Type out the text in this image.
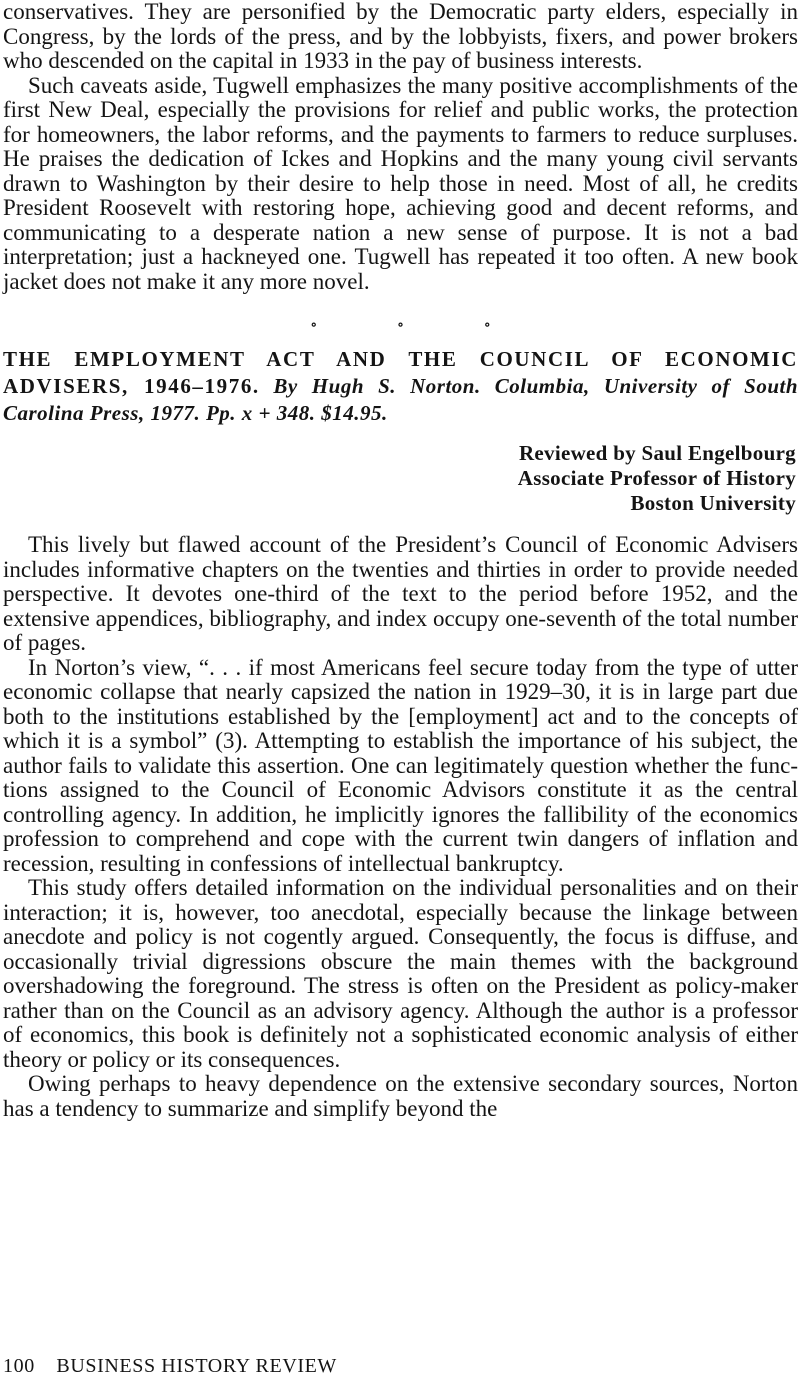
conservatives. They are personified by the Democratic party elders, especially in Congress, by the lords of the press, and by the lobbyists, fixers, and power brokers who descended on the capital in 1933 in the pay of business interests.

Such caveats aside, Tugwell emphasizes the many positive accomplishments of the first New Deal, especially the provisions for relief and public works, the protection for homeowners, the labor reforms, and the payments to farmers to reduce surpluses. He praises the dedication of Ickes and Hopkins and the many young civil servants drawn to Washington by their desire to help those in need. Most of all, he credits President Roosevelt with restoring hope, achieving good and decent reforms, and communicating to a desperate nation a new sense of purpose. It is not a bad interpretation; just a hackneyed one. Tugwell has repeated it too often. A new book jacket does not make it any more novel.

∘	∘	∘

THE EMPLOYMENT ACT AND THE COUNCIL OF ECONOMIC ADVISERS, 1946–1976. By Hugh S. Norton. Columbia, University of South Carolina Press, 1977. Pp. x + 348. $14.95.

Reviewed by Saul Engelbourg
Associate Professor of History
Boston University

This lively but flawed account of the President’s Council of Economic Advisers includes informative chapters on the twenties and thirties in order to provide needed perspective. It devotes one-third of the text to the period before 1952, and the extensive appendices, bibliography, and index occupy one-seventh of the total number of pages.

In Norton’s view, “. . . if most Americans feel secure today from the type of utter economic collapse that nearly capsized the nation in 1929–30, it is in large part due both to the institutions established by the [employment] act and to the concepts of which it is a symbol” (3). Attempting to establish the importance of his subject, the author fails to validate this assertion. One can legitimately question whether the functions assigned to the Council of Economic Advisors constitute it as the central controlling agency. In addition, he implicitly ignores the fallibility of the economics profession to comprehend and cope with the current twin dangers of inflation and recession, resulting in confessions of intellectual bankruptcy.

This study offers detailed information on the individual personalities and on their interaction; it is, however, too anecdotal, especially because the linkage between anecdote and policy is not cogently argued. Consequently, the focus is diffuse, and occasionally trivial digressions obscure the main themes with the background overshadowing the foreground. The stress is often on the President as policy-maker rather than on the Council as an advisory agency. Although the author is a professor of economics, this book is definitely not a sophisticated economic analysis of either theory or policy or its consequences.

Owing perhaps to heavy dependence on the extensive secondary sources, Norton has a tendency to summarize and simplify beyond the

100 BUSINESS HISTORY REVIEW
